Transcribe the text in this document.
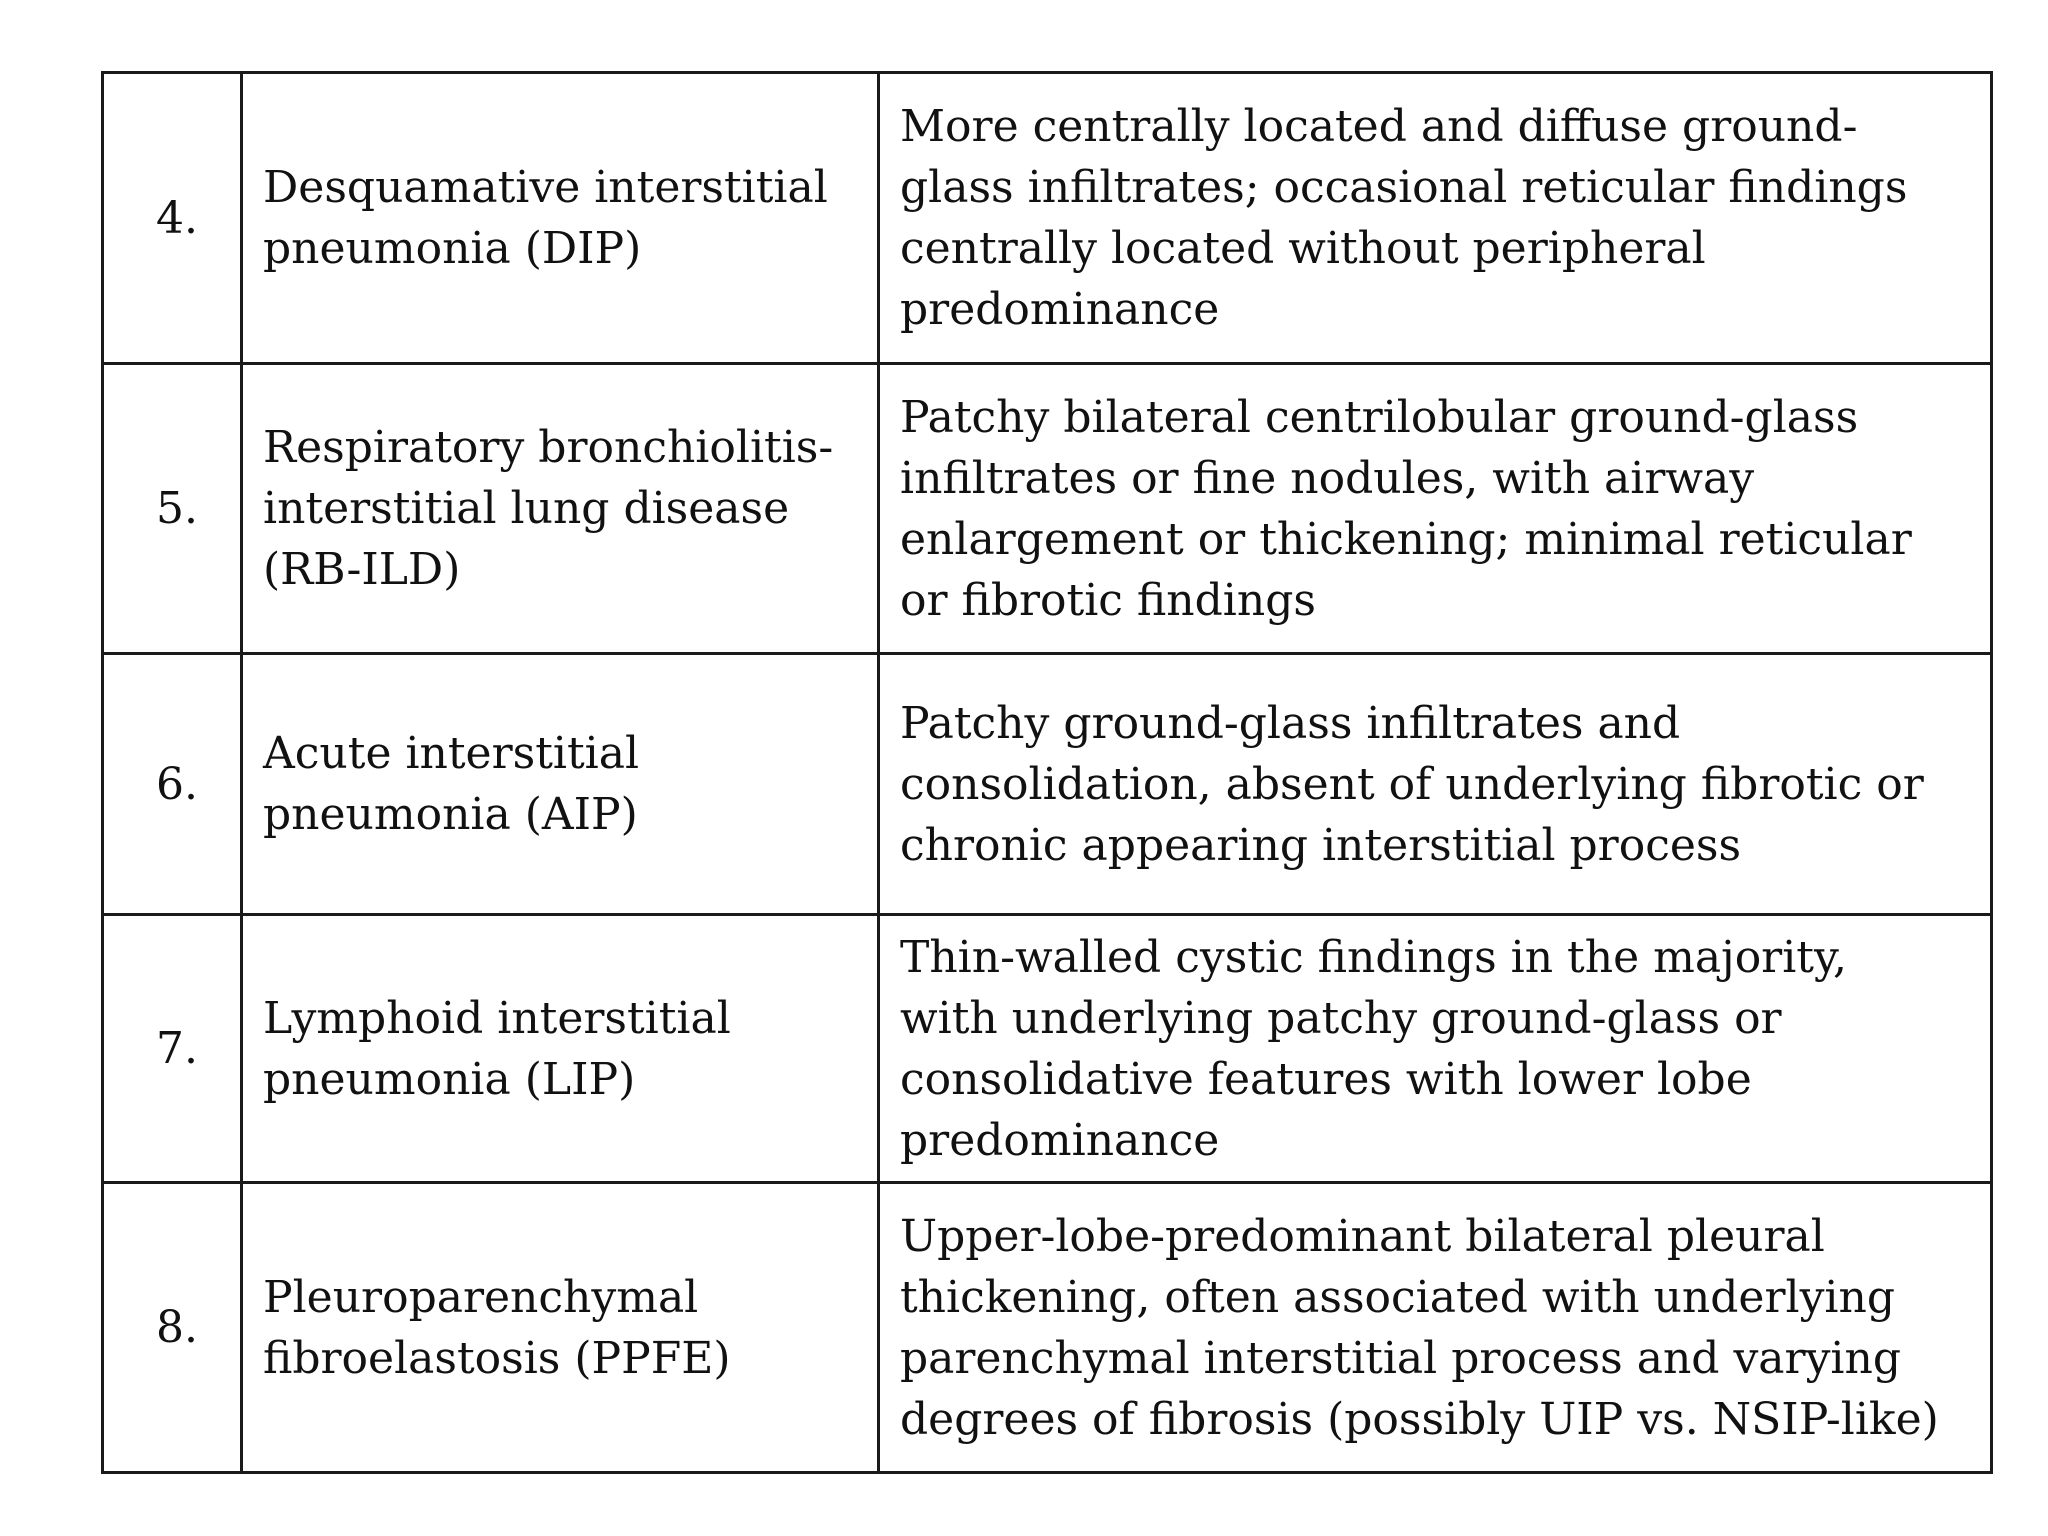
4.	Desquamative interstitial
pneumonia (DIP)	More centrally located and diffuse ground-
glass infiltrates; occasional reticular findings
centrally located without peripheral
predominance

5.	Respiratory bronchiolitis-
interstitial lung disease
(RB-ILD)	Patchy bilateral centrilobular ground-glass
infiltrates or fine nodules, with airway
enlargement or thickening; minimal reticular
or fibrotic findings

6.	Acute interstitial
pneumonia (AIP)	Patchy ground-glass infiltrates and
consolidation, absent of underlying fibrotic or
chronic appearing interstitial process

7.	Lymphoid interstitial
pneumonia (LIP)	Thin-walled cystic findings in the majority,
with underlying patchy ground-glass or
consolidative features with lower lobe
predominance

8.	Pleuroparenchymal
fibroelastosis (PPFE)	Upper-lobe-predominant bilateral pleural
thickening, often associated with underlying
parenchymal interstitial process and varying
degrees of fibrosis (possibly UIP vs. NSIP-like)
